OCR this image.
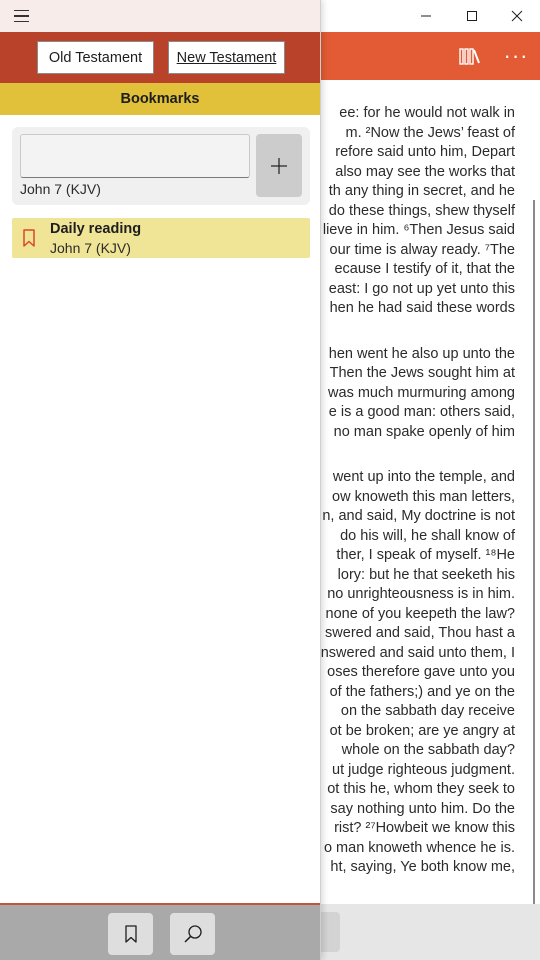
···
ee: for he would not walk in
m. ²Now the Jews’ feast of
refore said unto him, Depart
also may see the works that
th any thing in secret, and he
do these things, shew thyself
lieve in him. ⁶Then Jesus said
our time is alway ready. ⁷The
ecause I testify of it, that the
east: I go not up yet unto this
hen he had said these words
hen went he also up unto the
Then the Jews sought him at
was much murmuring among
e is a good man: others said,
no man spake openly of him
went up into the temple, and
ow knoweth this man letters,
n, and said, My doctrine is not
do his will, he shall know of
ther, I speak of myself. ¹⁸He
lory: but he that seeketh his
no unrighteousness is in him.
none of you keepeth the law?
swered and said, Thou hast a
nswered and said unto them, I
oses therefore gave unto you
of the fathers;) and ye on the
on the sabbath day receive
ot be broken; are ye angry at
whole on the sabbath day?
ut judge righteous judgment.
ot this he, whom they seek to
say nothing unto him. Do the
rist? ²⁷Howbeit we know this
o man knoweth whence he is.
ht, saying, Ye both know me,
Old Testament	New Testament
Bookmarks
John 7 (KJV)
Daily reading
John 7 (KJV)
